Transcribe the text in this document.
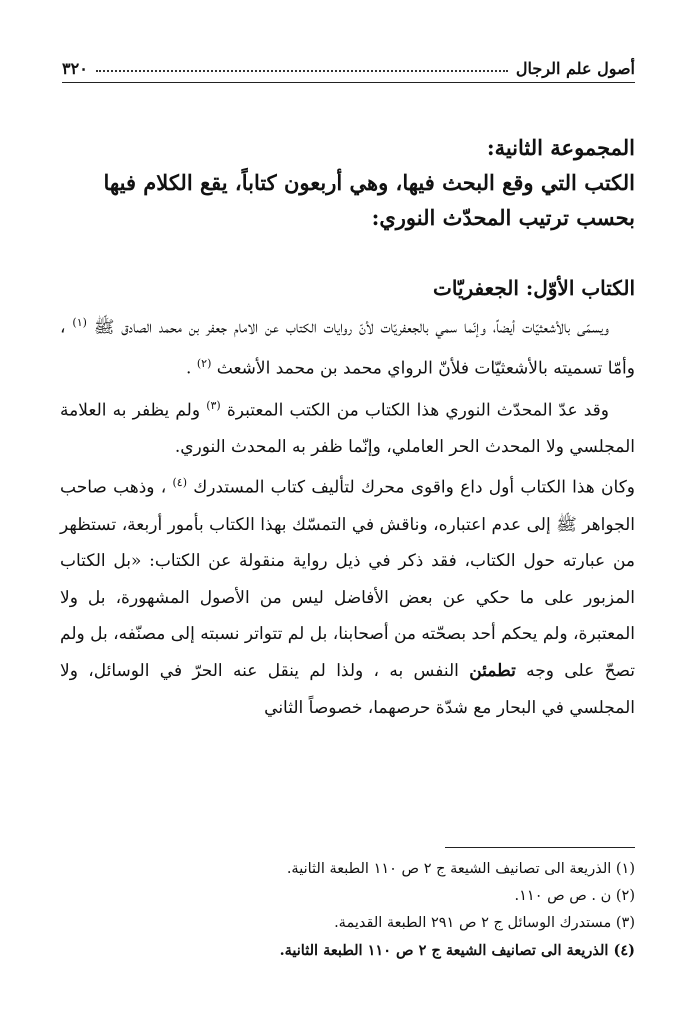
أصول علم الرجال
٣٢٠

المجموعة الثانية:

الكتب التي وقع البحث فيها، وهي أربعون كتاباً، يقع الكلام فيها

بحسب ترتيب المحدّث النوري:

الكتاب الأوّل: الجعفريّات

ويسمّى بالأشعثيّات أيضاً، وإنّما سمي بالجعفريّات لأنّ روايات الكتاب عن الامام جعفر بن محمد الصادق ﷺ $^{(١)}$ ، وأمّا تسميته بالأشعثيّات فلأنّ الرواي محمد بن محمد الأشعث $^{(٢)}$ .

وقد عدّ المحدّث النوري هذا الكتاب من الكتب المعتبرة $^{(٣)}$ ولم يظفر به العلامة المجلسي ولا المحدث الحر العاملي، وإنّما ظفر به المحدث النوري.

وكان هذا الكتاب أول داع واقوى محرك لتأليف كتاب المستدرك $^{(٤)}$ ، وذهب صاحب الجواهر ﷺ إلى عدم اعتباره، وناقش في التمسّك بهذا الكتاب بأمور أربعة، تستظهر من عبارته حول الكتاب، فقد ذكر في ذيل رواية منقولة عن الكتاب: «بل الكتاب المزبور على ما حكي عن بعض الأفاضل ليس من الأصول المشهورة، بل ولا المعتبرة، ولم يحكم أحد بصحّته من أصحابنا، بل لم تتواتر نسبته إلى مصنّفه، بل ولم تصحّ على وجه تطمئن النفس به ، ولذا لم ينقل عنه الحرّ في الوسائل، ولا المجلسي في البحار مع شدّة حرصهما، خصوصاً الثاني

(١) الذريعة الى تصانيف الشيعة ج ٢ ص ١١٠ الطبعة الثانية.
(٢) ن . ص ص ١١٠.
(٣) مستدرك الوسائل ج ٢ ص ٢٩١ الطبعة القديمة.
(٤) الذريعة الى تصانيف الشيعة ج ٢ ص ١١٠ الطبعة الثانية.
